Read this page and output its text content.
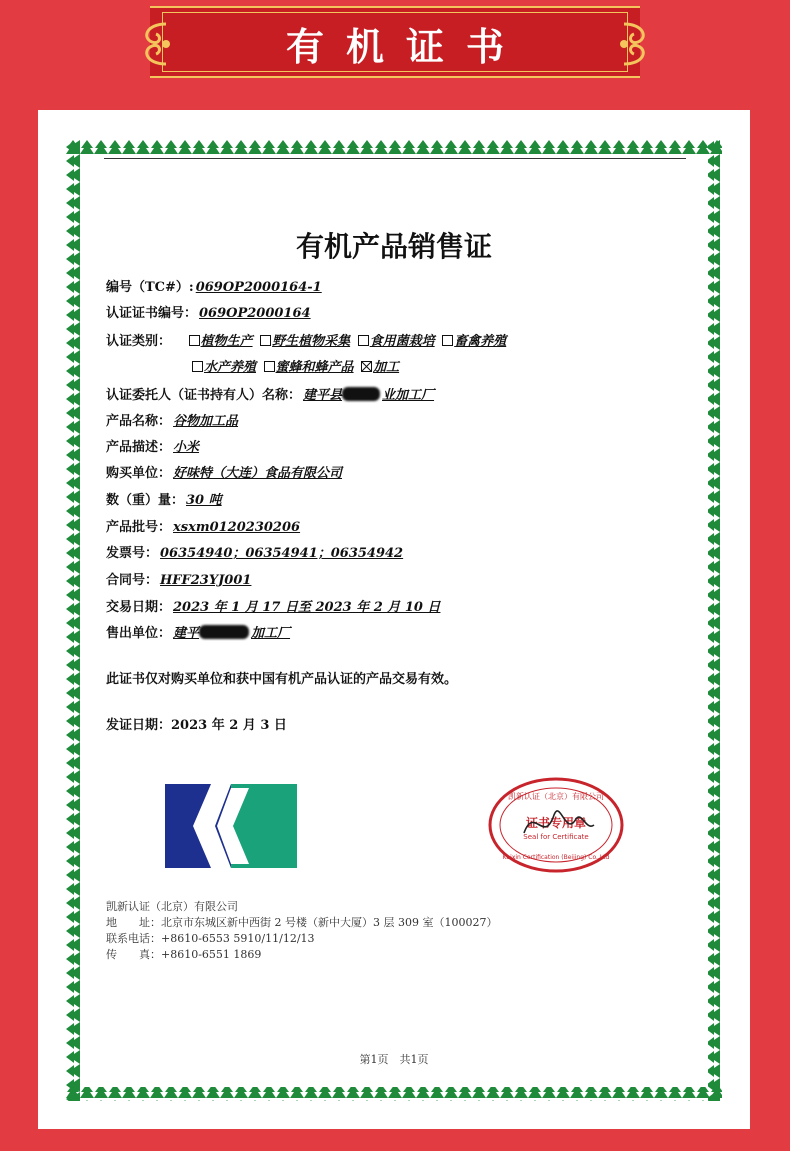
有机证书
有机产品销售证
编号（TC#）: 069OP2000164-1
认证证书编号： 069OP2000164
认证类别： 植物生产 野生植物采集 食用菌栽培 畜禽养殖
水产养殖 蜜蜂和蜂产品 加工
认证委托人（证书持有人）名称： 建平县	业加工厂
产品名称： 谷物加工品
产品描述： 小米
购买单位： 好味特（大连）食品有限公司
数（重）量： 30 吨
产品批号： xsxm0120230206
发票号： 06354940；06354941；06354942
合同号： HFF23YJ001
交易日期： 2023 年 1 月 17 日至 2023 年 2 月 10 日
售出单位： 建平	加工厂
此证书仅对购买单位和获中国有机产品认证的产品交易有效。
发证日期：2023 年 2 月 3 日
凯新认证（北京）有限公司
证书专用章
Seal for Certificate
Kaixin Certification (Beijing) Co.,Ltd
凯新认证（北京）有限公司
地　　址：北京市东城区新中西街 2 号楼（新中大厦）3 层 309 室（100027）
联系电话：+8610-6553 5910/11/12/13
传　　真：+8610-6551 1869
第1页　共1页
